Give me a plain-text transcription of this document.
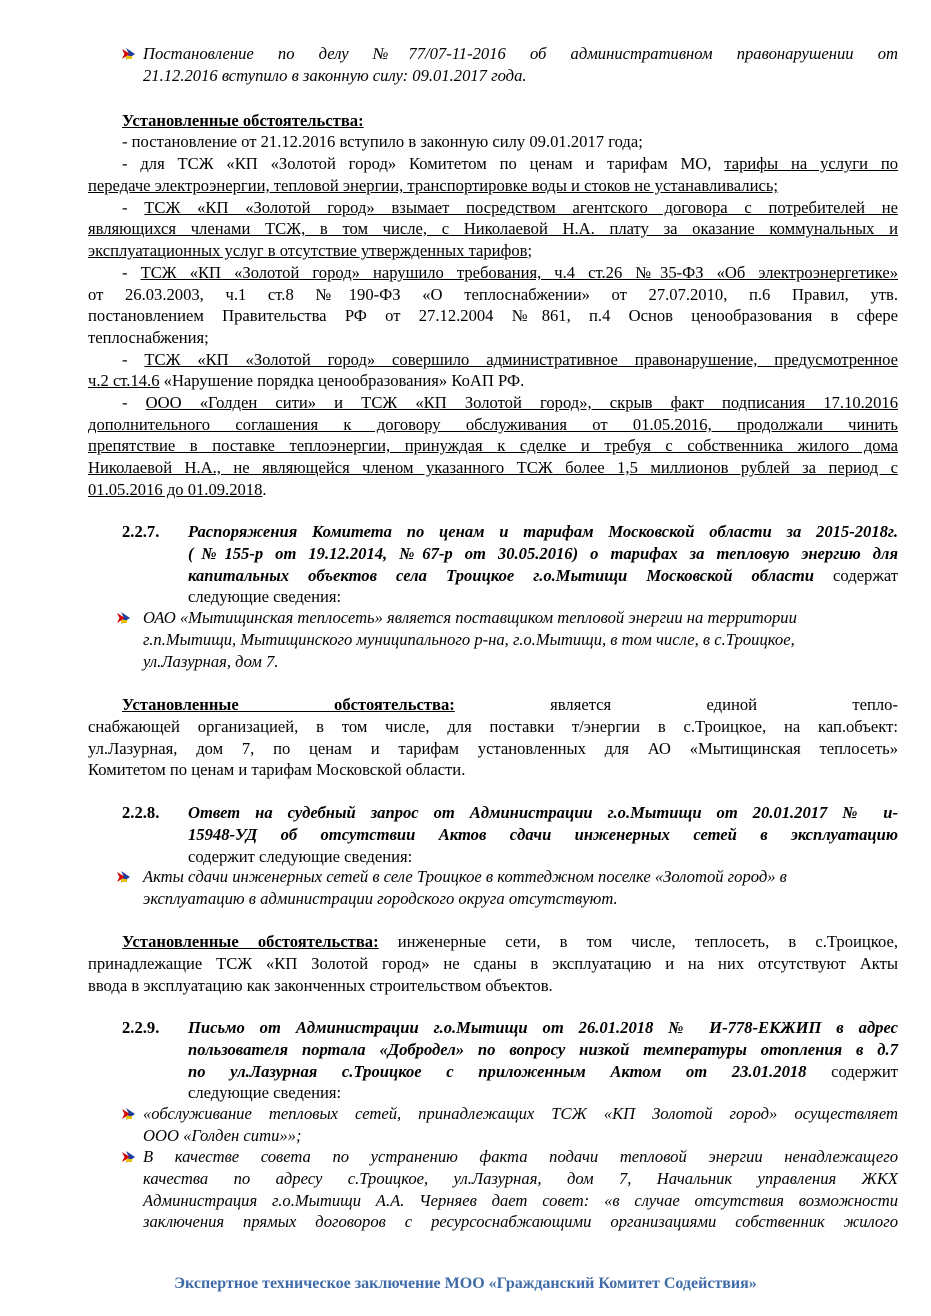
Постановление по делу №77/07-11-2016 об административном правонарушении от
21.12.2016 вступило в законную силу: 09.01.2017 года.
Установленные обстоятельства:
- постановление от 21.12.2016 вступило в законную силу 09.01.2017 года;
- для ТСЖ «КП «Золотой город» Комитетом по ценам и тарифам МО, тарифы на услуги по
передаче электроэнергии, тепловой энергии, транспортировке воды и стоков не устанавливались;
- ТСЖ «КП «Золотой город» взымает посредством агентского договора с потребителей не
являющихся членами ТСЖ, в том числе, с Николаевой Н.А. плату за оказание коммунальных и
эксплуатационных услуг в отсутствие утвержденных тарифов;
- ТСЖ «КП «Золотой город» нарушило требования, ч.4 ст.26 №35-ФЗ «Об электроэнергетике»
от 26.03.2003, ч.1 ст.8 №190-ФЗ «О теплоснабжении» от 27.07.2010, п.6 Правил, утв.
постановлением Правительства РФ от 27.12.2004 №861, п.4 Основ ценообразования в сфере
теплоснабжения;
- ТСЖ «КП «Золотой город» совершило административное правонарушение, предусмотренное
ч.2 ст.14.6 «Нарушение порядка ценообразования» КоАП РФ.
- ООО «Голден сити» и ТСЖ «КП Золотой город», скрыв факт подписания 17.10.2016
дополнительного соглашения к договору обслуживания от 01.05.2016, продолжали чинить
препятствие в поставке теплоэнергии, принуждая к сделке и требуя с собственника жилого дома
Николаевой Н.А., не являющейся членом указанного ТСЖ более 1,5 миллионов рублей за период с
01.05.2016 до 01.09.2018.
2.2.7. Распоряжения Комитета по ценам и тарифам Московской области за 2015-2018г.
(№155-р от 19.12.2014, №67-р от 30.05.2016) о тарифах за тепловую энергию для
капитальных объектов села Троицкое г.о.Мытищи Московской области содержат
следующие сведения:
ОАО «Мытищинская теплосеть» является поставщиком тепловой энергии на территории
г.п.Мытищи, Мытищинского муниципального р-на, г.о.Мытищи, в том числе, в с.Троицкое,
ул.Лазурная, дом 7.
Установленные обстоятельства: является единой тепло-
снабжающей организацией, в том числе, для поставки т/энергии в с.Троицкое, на кап.объект:
ул.Лазурная, дом 7, по ценам и тарифам установленных для АО «Мытищинская теплосеть»
Комитетом по ценам и тарифам Московской области.
2.2.8. Ответ на судебный запрос от Администрации г.о.Мытищи от 20.01.2017 № и-
15948-УД об отсутствии Актов сдачи инженерных сетей в эксплуатацию
содержит следующие сведения:
Акты сдачи инженерных сетей в селе Троицкое в коттеджном поселке «Золотой город» в
эксплуатацию в администрации городского округа отсутствуют.
Установленные обстоятельства: инженерные сети, в том числе, теплосеть, в с.Троицкое,
принадлежащие ТСЖ «КП Золотой город» не сданы в эксплуатацию и на них отсутствуют Акты
ввода в эксплуатацию как законченных строительством объектов.
2.2.9. Письмо от Администрации г.о.Мытищи от 26.01.2018 № И-778-ЕКЖИП в адрес
пользователя портала «Добродел» по вопросу низкой температуры отопления в д.7
по ул.Лазурная с.Троицкое с приложенным Актом от 23.01.2018 содержит
следующие сведения:
«обслуживание тепловых сетей, принадлежащих ТСЖ «КП Золотой город» осуществляет
ООО «Голден сити»»;
В качестве совета по устранению факта подачи тепловой энергии ненадлежащего
качества по адресу с.Троицкое, ул.Лазурная, дом 7, Начальник управления ЖКХ
Администрация г.о.Мытищи А.А. Черняев дает совет: «в случае отсутствия возможности
заключения прямых договоров с ресурсоснабжающими организациями собственник жилого
Экспертное техническое заключение МОО «Гражданский Комитет Содействия»
